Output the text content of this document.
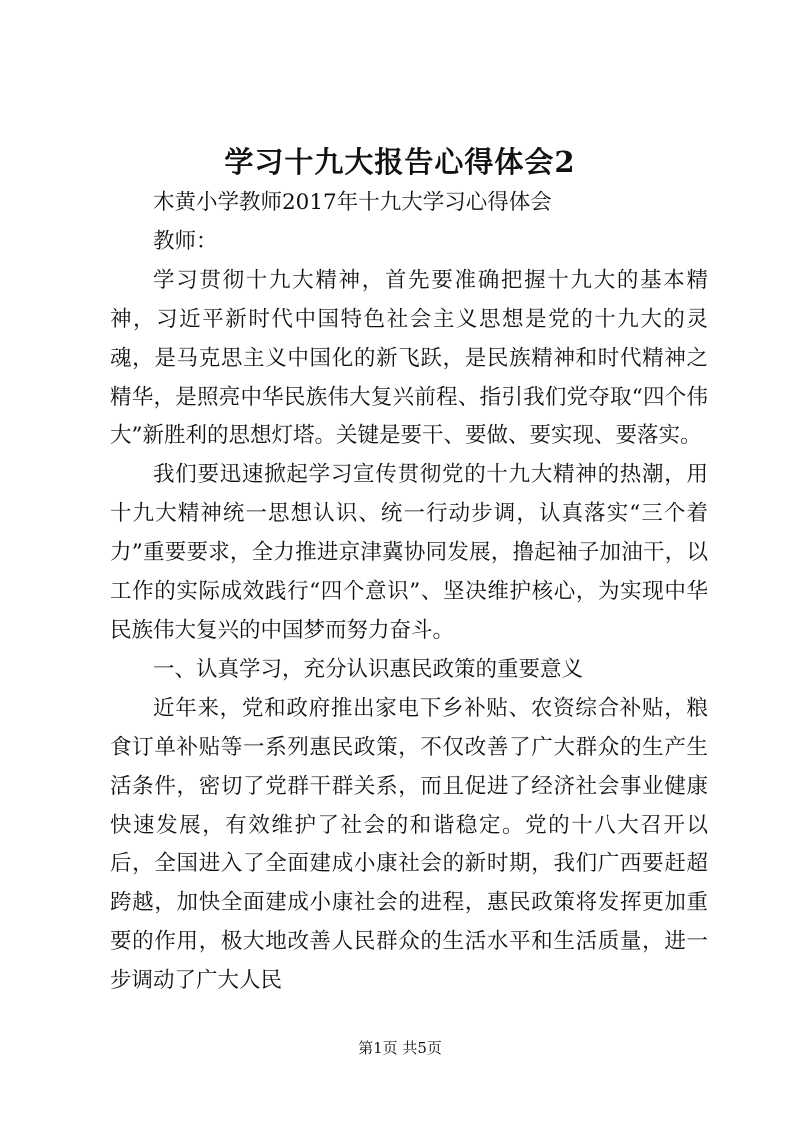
学习十九大报告心得体会2

木黄小学教师2017年十九大学习心得体会

教师：

学习贯彻十九大精神，首先要准确把握十九大的基本精神，习近平新时代中国特色社会主义思想是党的十九大的灵魂，是马克思主义中国化的新飞跃，是民族精神和时代精神之精华，是照亮中华民族伟大复兴前程、指引我们党夺取“四个伟大”新胜利的思想灯塔。关键是要干、要做、要实现、要落实。

我们要迅速掀起学习宣传贯彻党的十九大精神的热潮，用十九大精神统一思想认识、统一行动步调，认真落实“三个着力”重要要求，全力推进京津冀协同发展，撸起袖子加油干，以工作的实际成效践行“四个意识”、坚决维护核心，为实现中华民族伟大复兴的中国梦而努力奋斗。

一、认真学习，充分认识惠民政策的重要意义

近年来，党和政府推出家电下乡补贴、农资综合补贴，粮食订单补贴等一系列惠民政策，不仅改善了广大群众的生产生活条件，密切了党群干群关系，而且促进了经济社会事业健康快速发展，有效维护了社会的和谐稳定。党的十八大召开以后，全国进入了全面建成小康社会的新时期，我们广西要赶超跨越，加快全面建成小康社会的进程，惠民政策将发挥更加重要的作用，极大地改善人民群众的生活水平和生活质量，进一步调动了广大人民

第1页 共5页
